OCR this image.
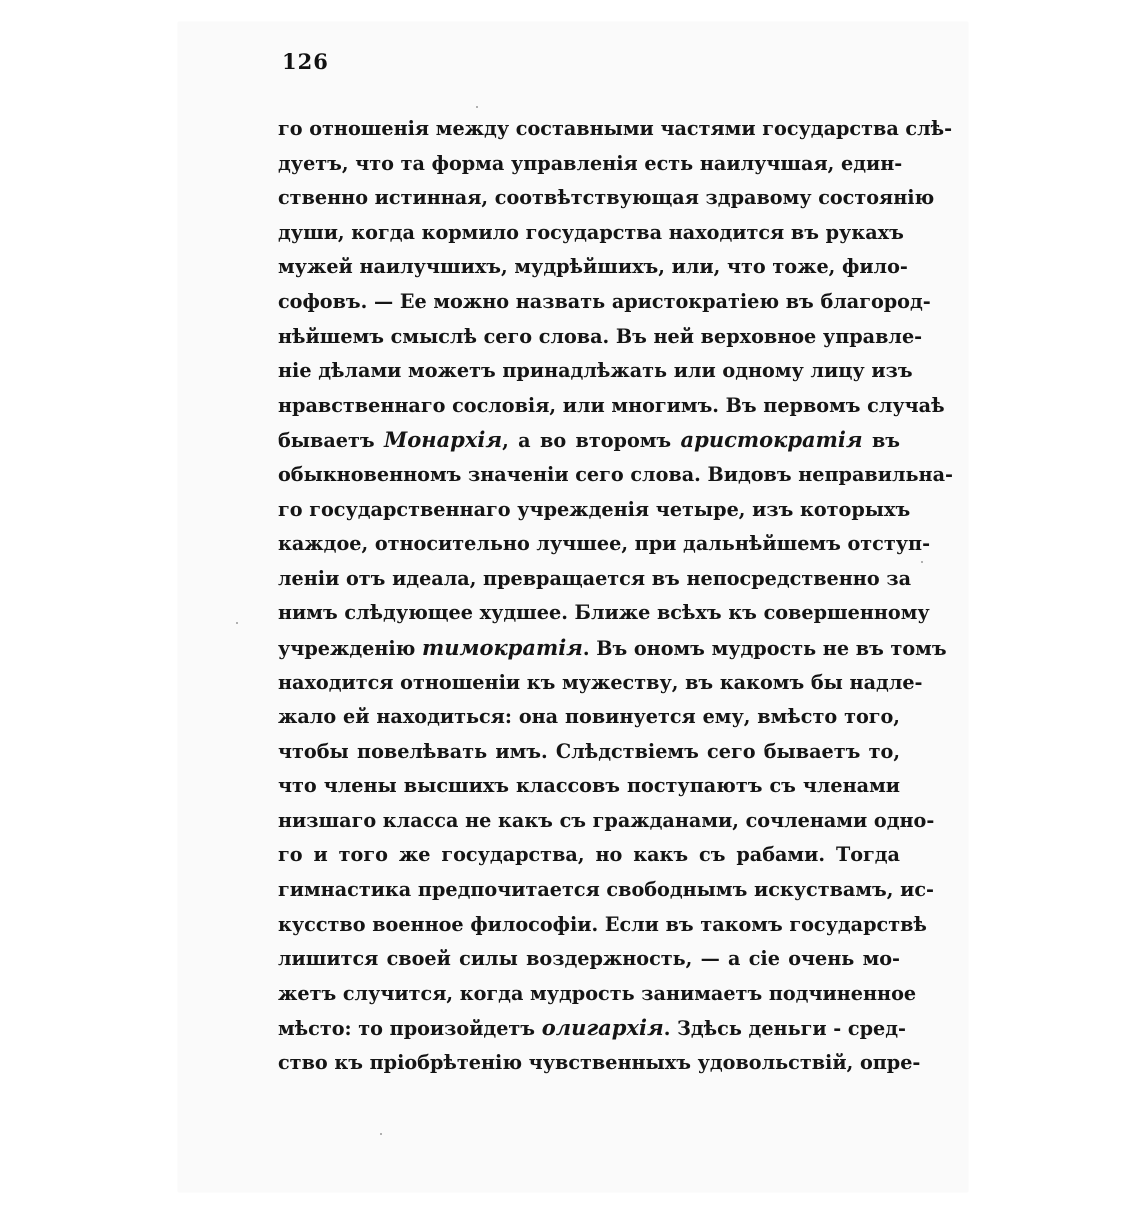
126
го отношенія между составными частями государства слѣ-
дуетъ, что та форма управленія есть наилучшая, един-
ственно истинная, соотвѣтствующая здравому состоянію
души, когда кормило государства находится въ рукахъ
мужей наилучшихъ, мудрѣйшихъ, или, что тоже, фило-
софовъ. — Ее можно назвать аристократіею въ благород-
нѣйшемъ смыслѣ сего слова. Въ ней верховное управле-
ніе дѣлами можетъ принадлѣжать или одному лицу изъ
нравственнаго сословія, или многимъ. Въ первомъ случаѣ
бываетъ Монархія, а во второмъ аристократія въ
обыкновенномъ значеніи сего слова. Видовъ неправильна-
го государственнаго учрежденія четыре, изъ которыхъ
каждое, относительно лучшее, при дальнѣйшемъ отступ-
леніи отъ идеала, превращается въ непосредственно за
нимъ слѣдующее худшее. Ближе всѣхъ къ совершенному
учрежденію тимократія. Въ ономъ мудрость не въ томъ
находится отношеніи къ мужеству, въ какомъ бы надле-
жало ей находиться: она повинуется ему, вмѣсто того,
чтобы повелѣвать имъ. Слѣдствіемъ сего бываетъ то,
что члены высшихъ классовъ поступаютъ съ членами
низшаго класса не какъ съ гражданами, сочленами одно-
го и того же государства, но какъ съ рабами. Тогда
гимнастика предпочитается свободнымъ искуствамъ, ис-
кусство военное философіи. Если въ такомъ государствѣ
лишится своей силы воздержность, — а сіе очень мо-
жетъ случится, когда мудрость занимаетъ подчиненное
мѣсто: то произойдетъ олигархія. Здѣсь деньги - сред-
ство къ пріобрѣтенію чувственныхъ удовольствій, опре-
